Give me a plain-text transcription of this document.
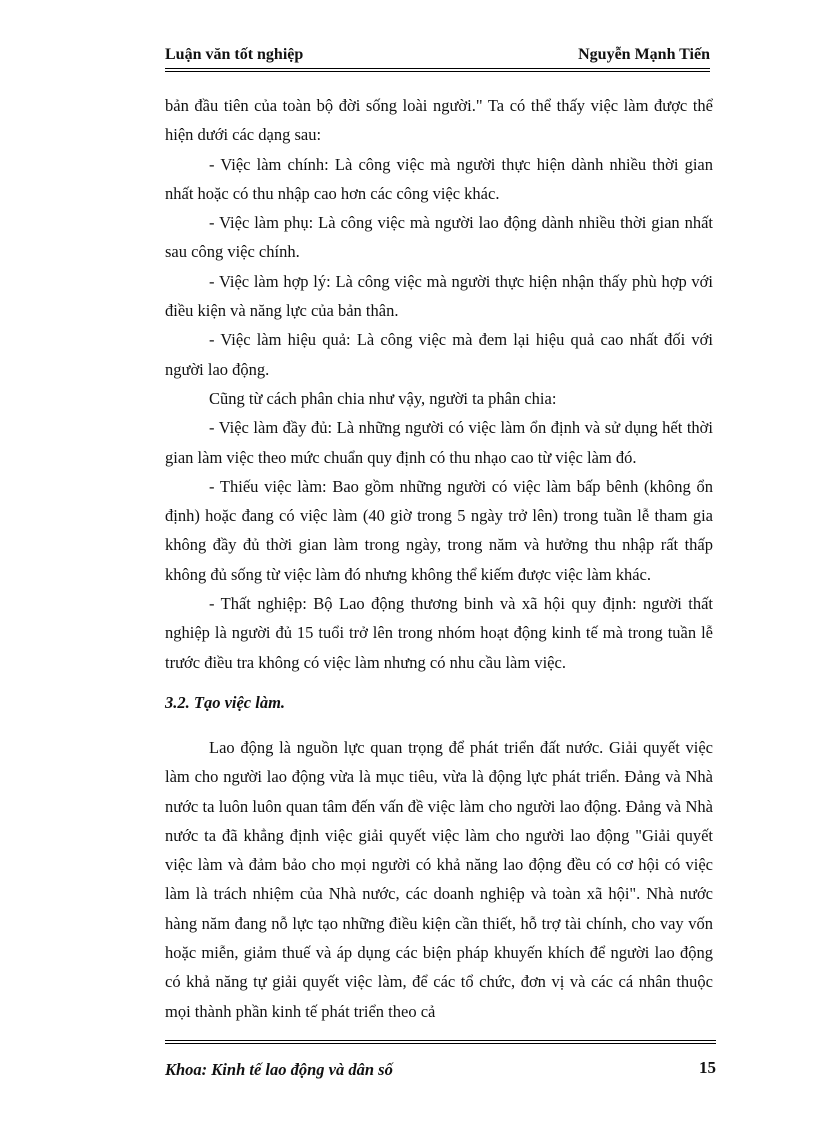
Luận văn tốt nghiệp	Nguyễn Mạnh Tiến

bản đầu tiên của toàn bộ đời sống loài người." Ta có thể thấy việc làm được thể hiện dưới các dạng sau:

- Việc làm chính: Là công việc mà người thực hiện dành nhiều thời gian nhất hoặc có thu nhập cao hơn các công việc khác.

- Việc làm phụ: Là công việc mà người lao động dành nhiều thời gian nhất sau công việc chính.

- Việc làm hợp lý: Là công việc mà người thực hiện nhận thấy phù hợp với điều kiện và năng lực của bản thân.

- Việc làm hiệu quả: Là công việc mà đem lại hiệu quả cao nhất đối với người lao động.

Cũng từ cách phân chia như vậy, người ta phân chia:

- Việc làm đầy đủ: Là những người có việc làm ổn định và sử dụng hết thời gian làm việc theo mức chuẩn quy định có thu nhạo cao từ việc làm đó.

- Thiếu việc làm: Bao gồm những người có việc làm bấp bênh (không ổn định) hoặc đang có việc làm (40 giờ trong 5 ngày trở lên) trong tuần lễ tham gia không đầy đủ thời gian làm trong ngày, trong năm và hưởng thu nhập rất thấp không đủ sống từ việc làm đó nhưng không thể kiếm được việc làm khác.

- Thất nghiệp: Bộ Lao động thương binh và xã hội quy định: người thất nghiệp là người đủ 15 tuổi trở lên trong nhóm hoạt động kinh tế mà trong tuần lễ trước điều tra không có việc làm nhưng có nhu cầu làm việc.

3.2. Tạo việc làm.

Lao động là nguồn lực quan trọng để phát triển đất nước. Giải quyết việc làm cho người lao động vừa là mục tiêu, vừa là động lực phát triển. Đảng và Nhà nước ta luôn luôn quan tâm đến vấn đề việc làm cho người lao động. Đảng và Nhà nước ta đã khẳng định việc giải quyết việc làm cho người lao động "Giải quyết việc làm và đảm bảo cho mọi người có khả năng lao động đều có cơ hội có việc làm là trách nhiệm của Nhà nước, các doanh nghiệp và toàn xã hội". Nhà nước hàng năm đang nỗ lực tạo những điều kiện cần thiết, hỗ trợ tài chính, cho vay vốn hoặc miễn, giảm thuế và áp dụng các biện pháp khuyến khích để người lao động có khả năng tự giải quyết việc làm, để các tổ chức, đơn vị và các cá nhân thuộc mọi thành phần kinh tế phát triển theo cả

Khoa: Kinh tế lao động và dân số	15
